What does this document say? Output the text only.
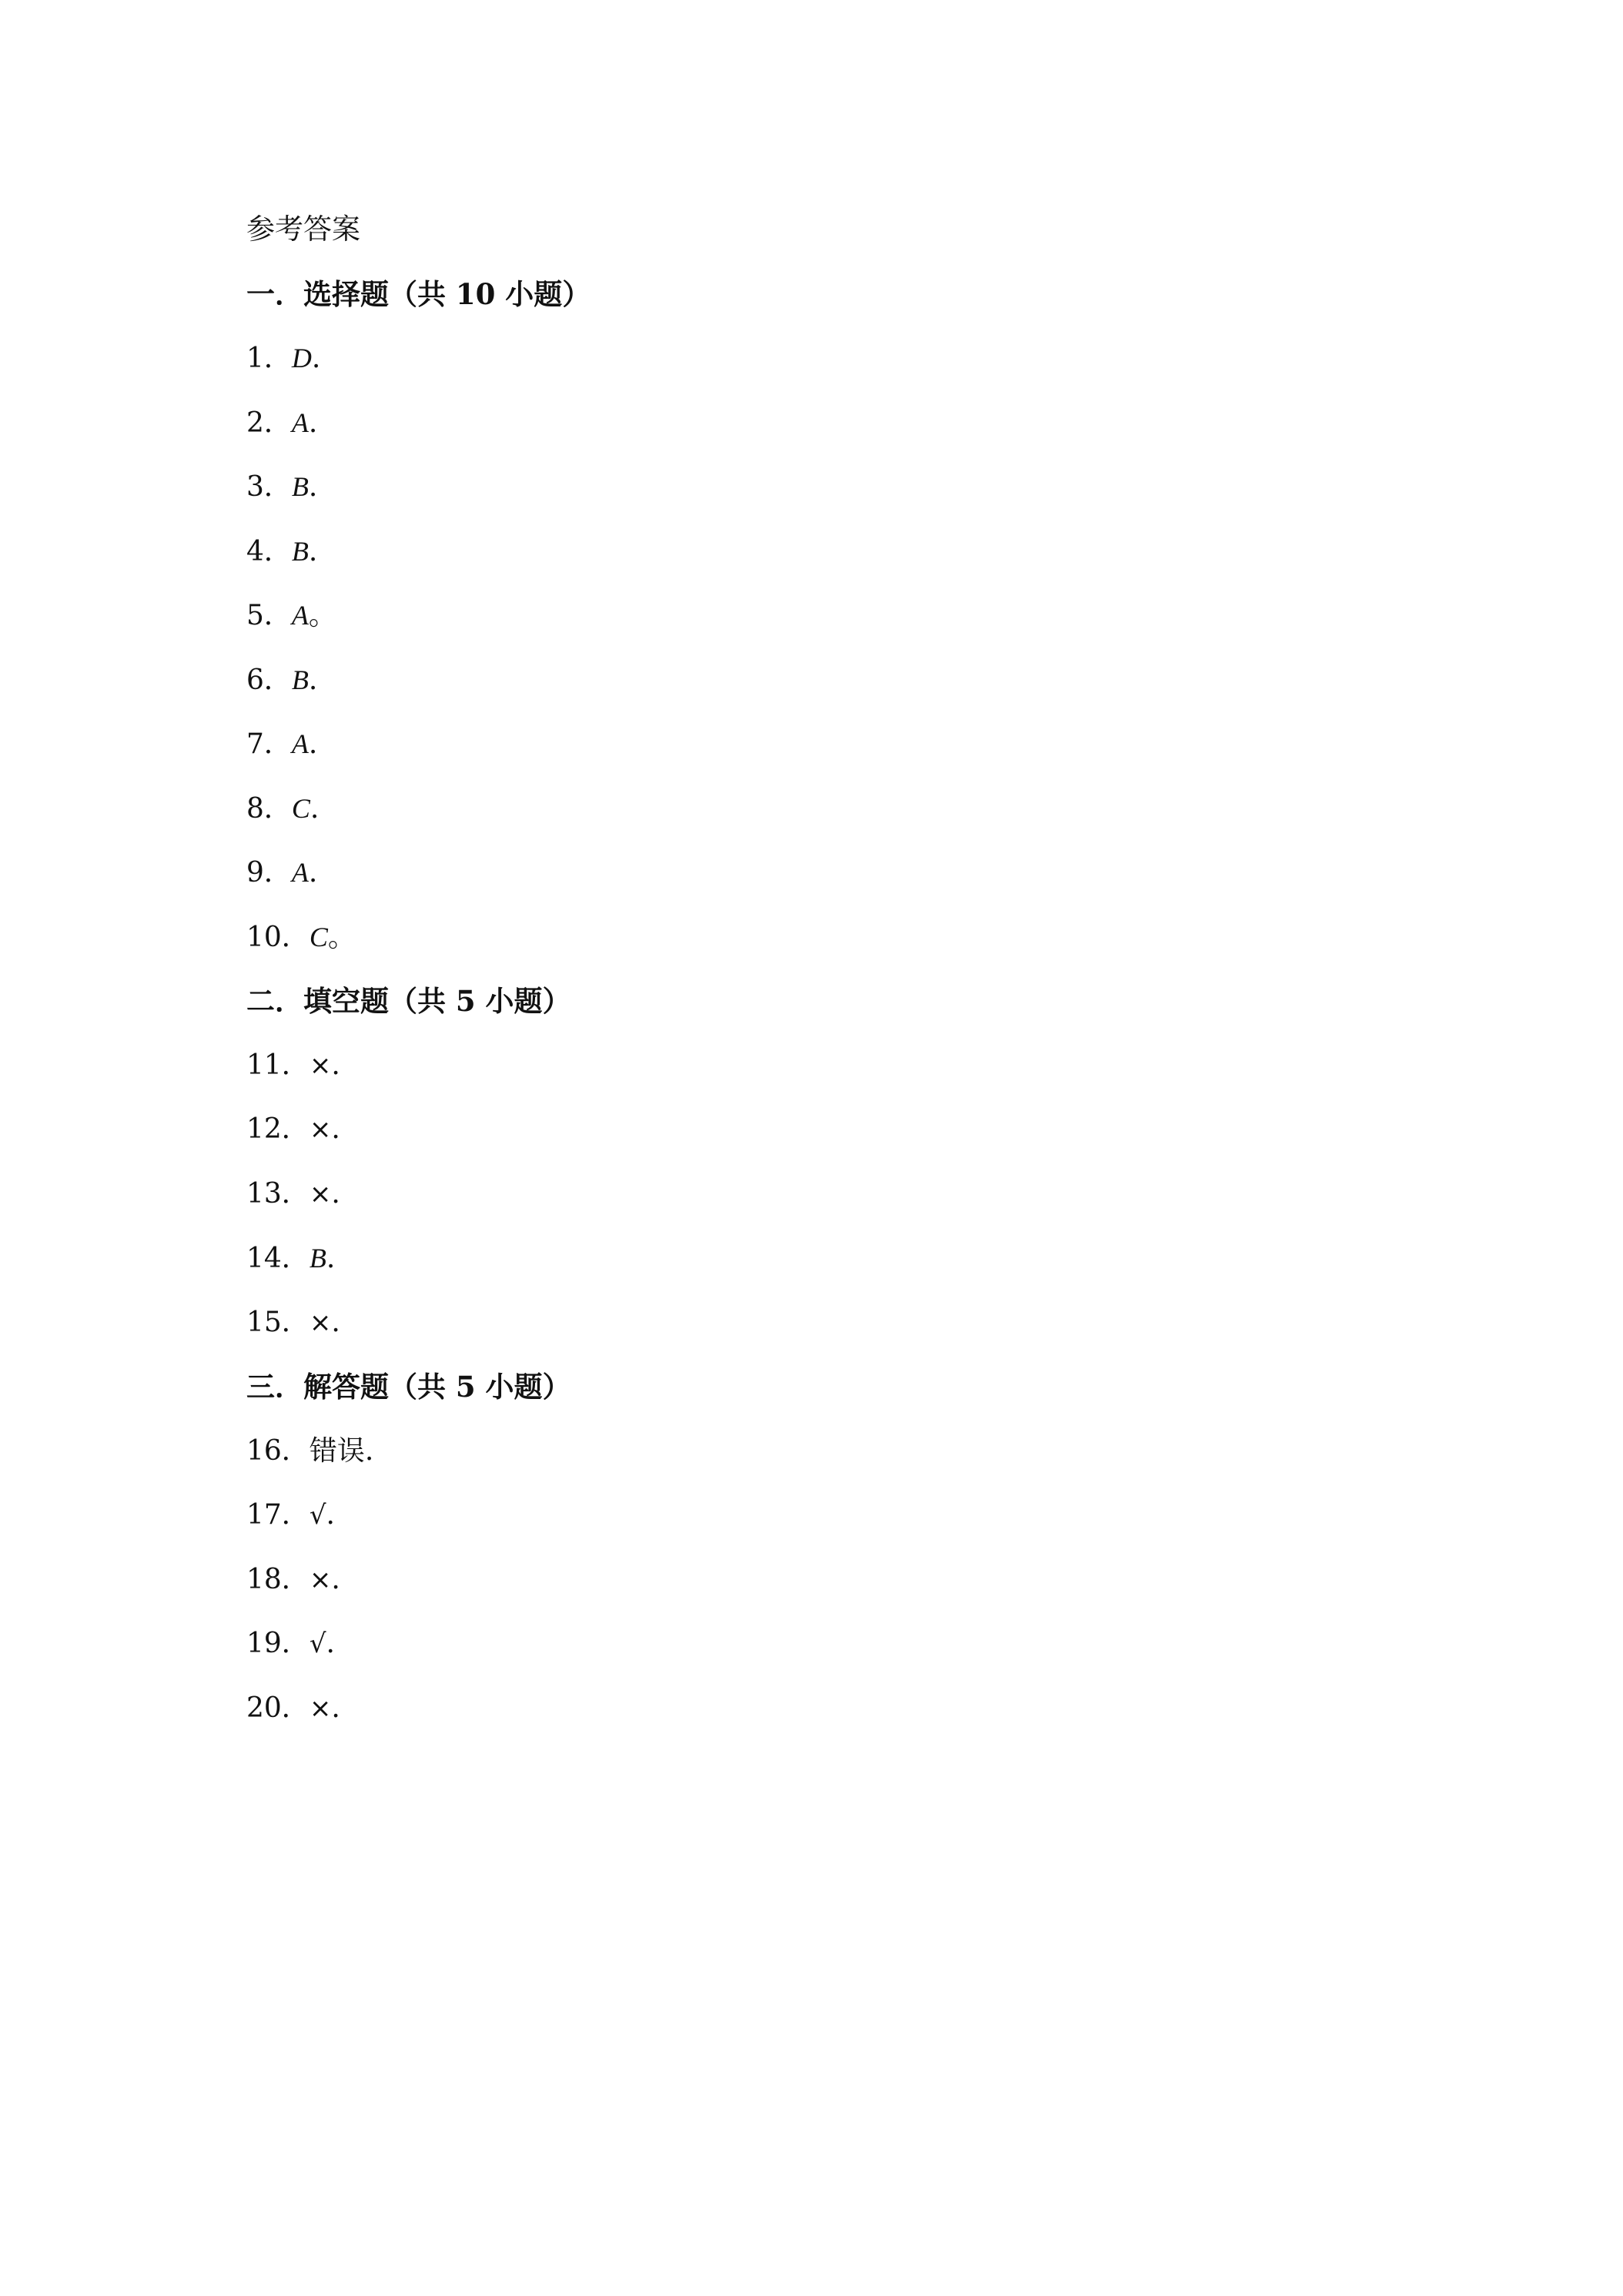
参考答案
一．选择题（共 10 小题）
1．D.
2．A.
3．B.
4．B.
5．A。
6．B.
7．A.
8．C.
9．A.
10．C。
二．填空题（共 5 小题）
11．×.
12．×.
13．×.
14．B.
15．×.
三．解答题（共 5 小题）
16．错误.
17．√.
18．×.
19．√.
20．×.
